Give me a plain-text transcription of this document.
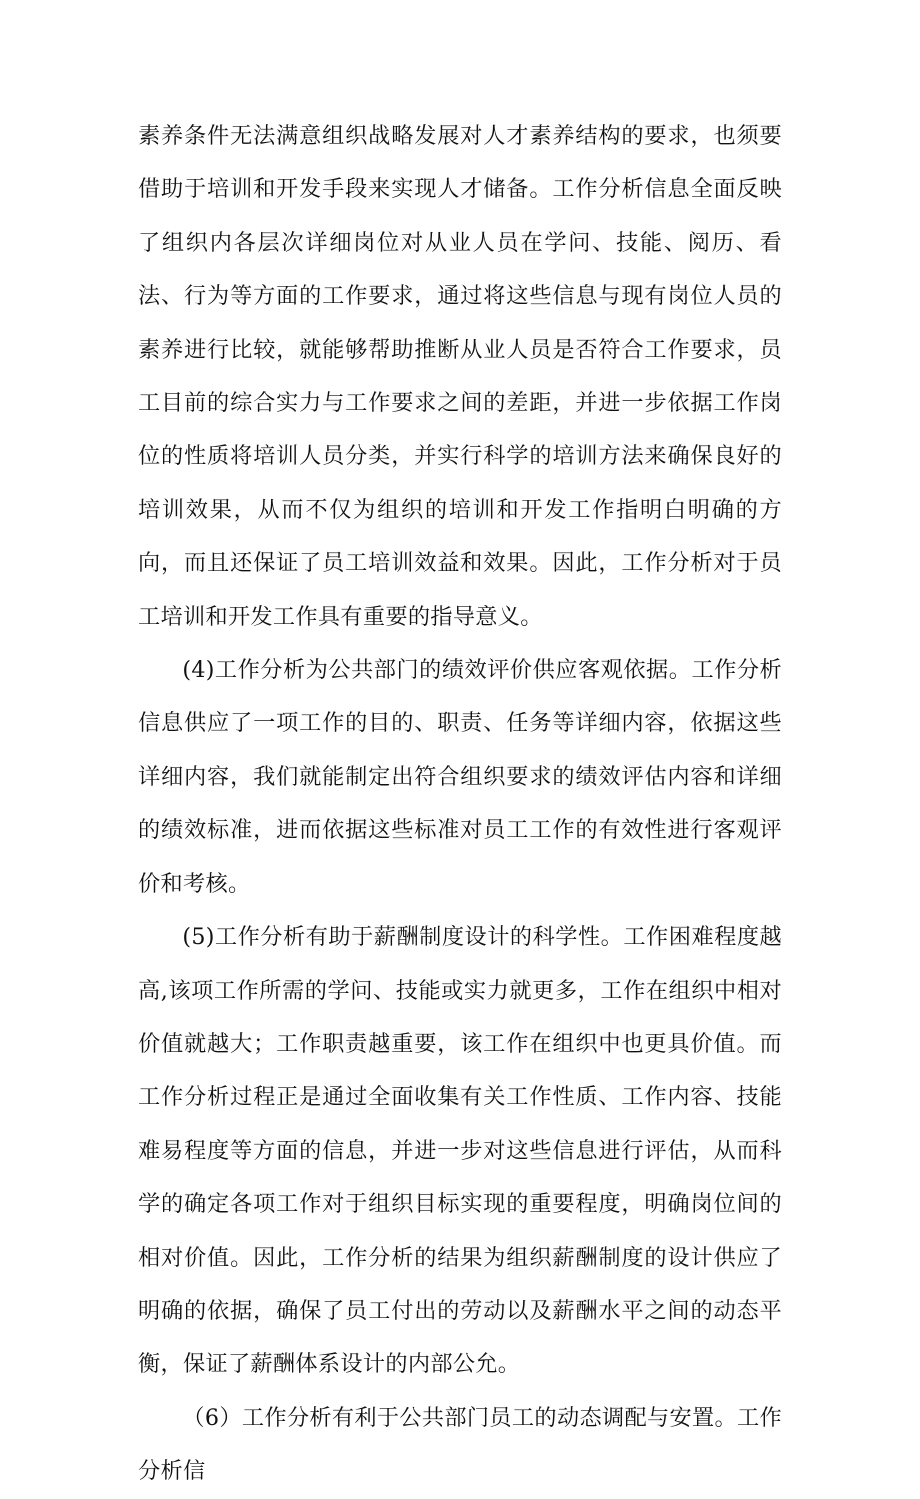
素养条件无法满意组织战略发展对人才素养结构的要求，也须要借助于培训和开发手段来实现人才储备。工作分析信息全面反映了组织内各层次详细岗位对从业人员在学问、技能、阅历、看法、行为等方面的工作要求，通过将这些信息与现有岗位人员的素养进行比较，就能够帮助推断从业人员是否符合工作要求，员工目前的综合实力与工作要求之间的差距，并进一步依据工作岗位的性质将培训人员分类，并实行科学的培训方法来确保良好的培训效果，从而不仅为组织的培训和开发工作指明白明确的方向，而且还保证了员工培训效益和效果。因此，工作分析对于员工培训和开发工作具有重要的指导意义。

(4)工作分析为公共部门的绩效评价供应客观依据。工作分析信息供应了一项工作的目的、职责、任务等详细内容，依据这些详细内容，我们就能制定出符合组织要求的绩效评估内容和详细的绩效标准，进而依据这些标准对员工工作的有效性进行客观评价和考核。

(5)工作分析有助于薪酬制度设计的科学性。工作困难程度越高,该项工作所需的学问、技能或实力就更多，工作在组织中相对价值就越大；工作职责越重要，该工作在组织中也更具价值。而工作分析过程正是通过全面收集有关工作性质、工作内容、技能难易程度等方面的信息，并进一步对这些信息进行评估，从而科学的确定各项工作对于组织目标实现的重要程度，明确岗位间的相对价值。因此，工作分析的结果为组织薪酬制度的设计供应了明确的依据，确保了员工付出的劳动以及薪酬水平之间的动态平衡，保证了薪酬体系设计的内部公允。

（6）工作分析有利于公共部门员工的动态调配与安置。工作分析信
